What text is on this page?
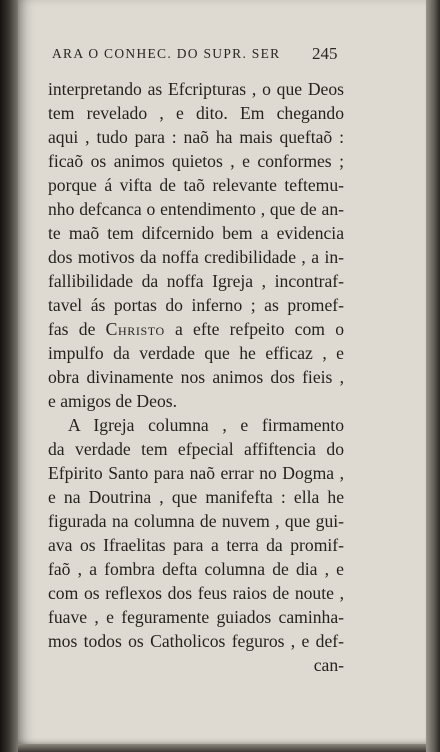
ARA O CONHEC. DO SUPR. SER	245
interpretando as Efcripturas , o que Deos
tem revelado , e dito. Em chegando
aqui , tudo para : naõ ha mais queftaõ :
ficaõ os animos quietos , e conformes ;
porque á vifta de taõ relevante teftemu-
nho defcanca o entendimento , que de an-
te maõ tem difcernido bem a evidencia
dos motivos da noffa credibilidade , a in-
fallibilidade da noffa Igreja , incontraf-
tavel ás portas do inferno ; as promef-
fas de Christo a efte refpeito com o
impulfo da verdade que he efficaz , e
obra divinamente nos animos dos fieis ,
e amigos de Deos.
A Igreja columna , e firmamento
da verdade tem efpecial affiftencia do
Efpirito Santo para naõ errar no Dogma ,
e na Doutrina , que manifefta : ella he
figurada na columna de nuvem , que gui-
ava os Ifraelitas para a terra da promif-
faõ , a fombra defta columna de dia , e
com os reflexos dos feus raios de noute ,
fuave , e feguramente guiados caminha-
mos todos os Catholicos feguros , e def-
can-
